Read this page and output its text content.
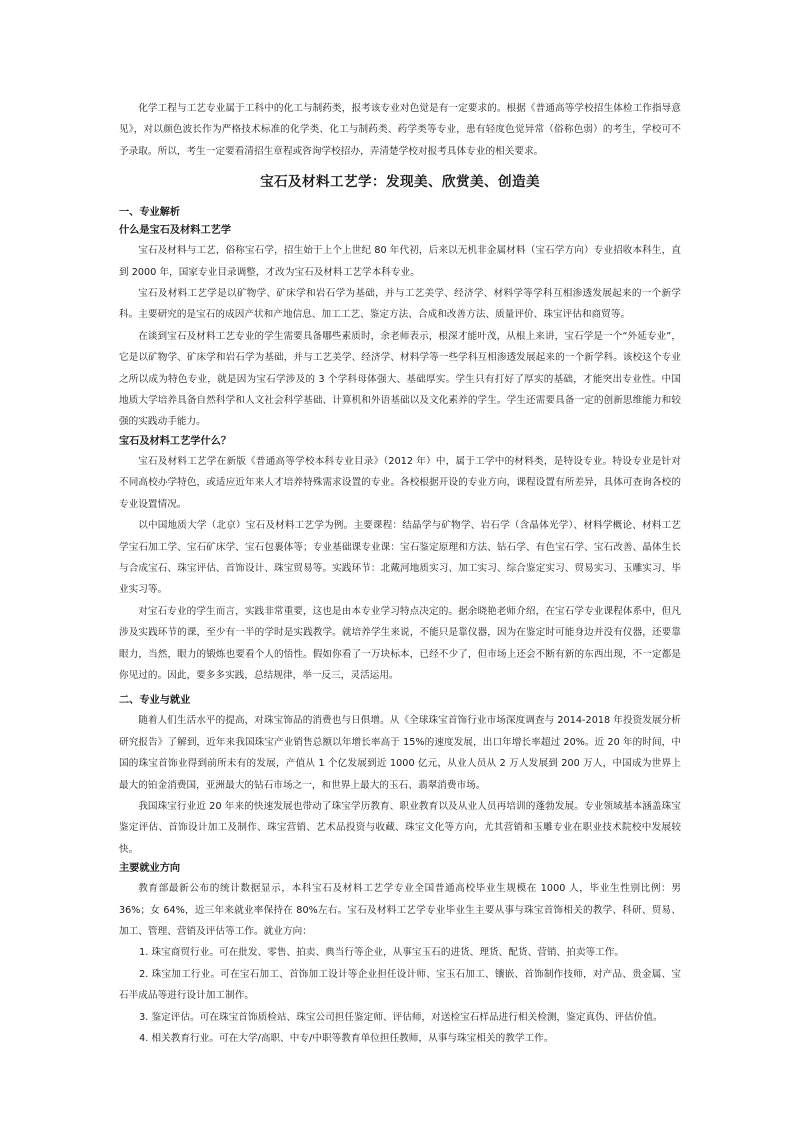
化学工程与工艺专业属于工科中的化工与制药类，报考该专业对色觉是有一定要求的。根据《普通高等学校招生体检工作指导意见》，对以颜色波长作为严格技术标准的化学类、化工与制药类、药学类等专业，患有轻度色觉异常（俗称色弱）的考生，学校可不予录取。所以，考生一定要看清招生章程或咨询学校招办，弄清楚学校对报考具体专业的相关要求。

宝石及材料工艺学：发现美、欣赏美、创造美
一、专业解析
什么是宝石及材料工艺学

宝石及材料与工艺，俗称宝石学，招生始于上个上世纪 80 年代初，后来以无机非金属材料（宝石学方向）专业招收本科生，直到 2000 年，国家专业目录调整，才改为宝石及材料工艺学本科专业。

宝石及材料工艺学是以矿物学、矿床学和岩石学为基础，并与工艺美学、经济学、材料学等学科互相渗透发展起来的一个新学科。主要研究的是宝石的成因产状和产地信息、加工工艺、鉴定方法、合成和改善方法、质量评价、珠宝评估和商贸等。

在谈到宝石及材料工艺专业的学生需要具备哪些素质时，余老师表示，根深才能叶茂，从根上来讲，宝石学是一个“外延专业”，它是以矿物学、矿床学和岩石学为基础，并与工艺美学、经济学、材料学等一些学科互相渗透发展起来的一个新学科。该校这个专业之所以成为特色专业，就是因为宝石学涉及的 3 个学科母体强大、基础厚实。学生只有打好了厚实的基础，才能突出专业性。中国地质大学培养具备自然科学和人文社会科学基础、计算机和外语基础以及文化素养的学生。学生还需要具备一定的创新思维能力和较强的实践动手能力。

宝石及材料工艺学什么？

宝石及材料工艺学在新版《普通高等学校本科专业目录》（2012 年）中，属于工学中的材料类，是特设专业。特设专业是针对不同高校办学特色，或适应近年来人才培养特殊需求设置的专业。各校根据开设的专业方向，课程设置有所差异，具体可查询各校的专业设置情况。

以中国地质大学（北京）宝石及材料工艺学为例。主要课程：结晶学与矿物学、岩石学（含晶体光学）、材料学概论、材料工艺学宝石加工学、宝石矿床学、宝石包裹体等；专业基础课专业课：宝石鉴定原理和方法、钻石学、有色宝石学、宝石改善、晶体生长与合成宝石、珠宝评估、首饰设计、珠宝贸易等。实践环节：北戴河地质实习、加工实习、综合鉴定实习、贸易实习、玉雕实习、毕业实习等。

对宝石专业的学生而言，实践非常重要，这也是由本专业学习特点决定的。据余晓艳老师介绍，在宝石学专业课程体系中，但凡涉及实践环节的课，至少有一半的学时是实践教学。就培养学生来说，不能只是靠仪器，因为在鉴定时可能身边并没有仪器，还要靠眼力，当然，眼力的锻炼也要看个人的悟性。假如你看了一万块标本，已经不少了，但市场上还会不断有新的东西出现，不一定都是你见过的。因此，要多多实践，总结规律，举一反三，灵活运用。

二、专业与就业

随着人们生活水平的提高，对珠宝饰品的消费也与日俱增。从《全球珠宝首饰行业市场深度调查与 2014-2018 年投资发展分析研究报告》了解到，近年来我国珠宝产业销售总额以年增长率高于 15%的速度发展，出口年增长率超过 20%。近 20 年的时间，中国的珠宝首饰业得到前所未有的发展，产值从 1 个亿发展到近 1000 亿元，从业人员从 2 万人发展到 200 万人，中国成为世界上最大的铂金消费国，亚洲最大的钻石市场之一，和世界上最大的玉石、翡翠消费市场。

我国珠宝行业近 20 年来的快速发展也带动了珠宝学历教育、职业教育以及从业人员再培训的蓬勃发展。专业领域基本涵盖珠宝鉴定评估、首饰设计加工及制作、珠宝营销、艺术品投资与收藏、珠宝文化等方向，尤其营销和玉雕专业在职业技术院校中发展较快。

主要就业方向

教育部最新公布的统计数据显示，本科宝石及材料工艺学专业全国普通高校毕业生规模在 1000 人，毕业生性别比例：男 36%；女 64%，近三年来就业率保持在 80%左右。宝石及材料工艺学专业毕业生主要从事与珠宝首饰相关的教学、科研、贸易、加工、管理、营销及评估等工作。就业方向：

1. 珠宝商贸行业。可在批发、零售、拍卖、典当行等企业，从事宝玉石的进货、理货、配货、营销、拍卖等工作。

2. 珠宝加工行业。可在宝石加工、首饰加工设计等企业担任设计师、宝玉石加工、镶嵌、首饰制作技师，对产品、贵金属、宝石半成品等进行设计加工制作。

3. 鉴定评估。可在珠宝首饰质检站、珠宝公司担任鉴定师、评估师，对送检宝石样品进行相关检测，鉴定真伪、评估价值。

4. 相关教育行业。可在大学/高职、中专/中职等教育单位担任教师，从事与珠宝相关的教学工作。
